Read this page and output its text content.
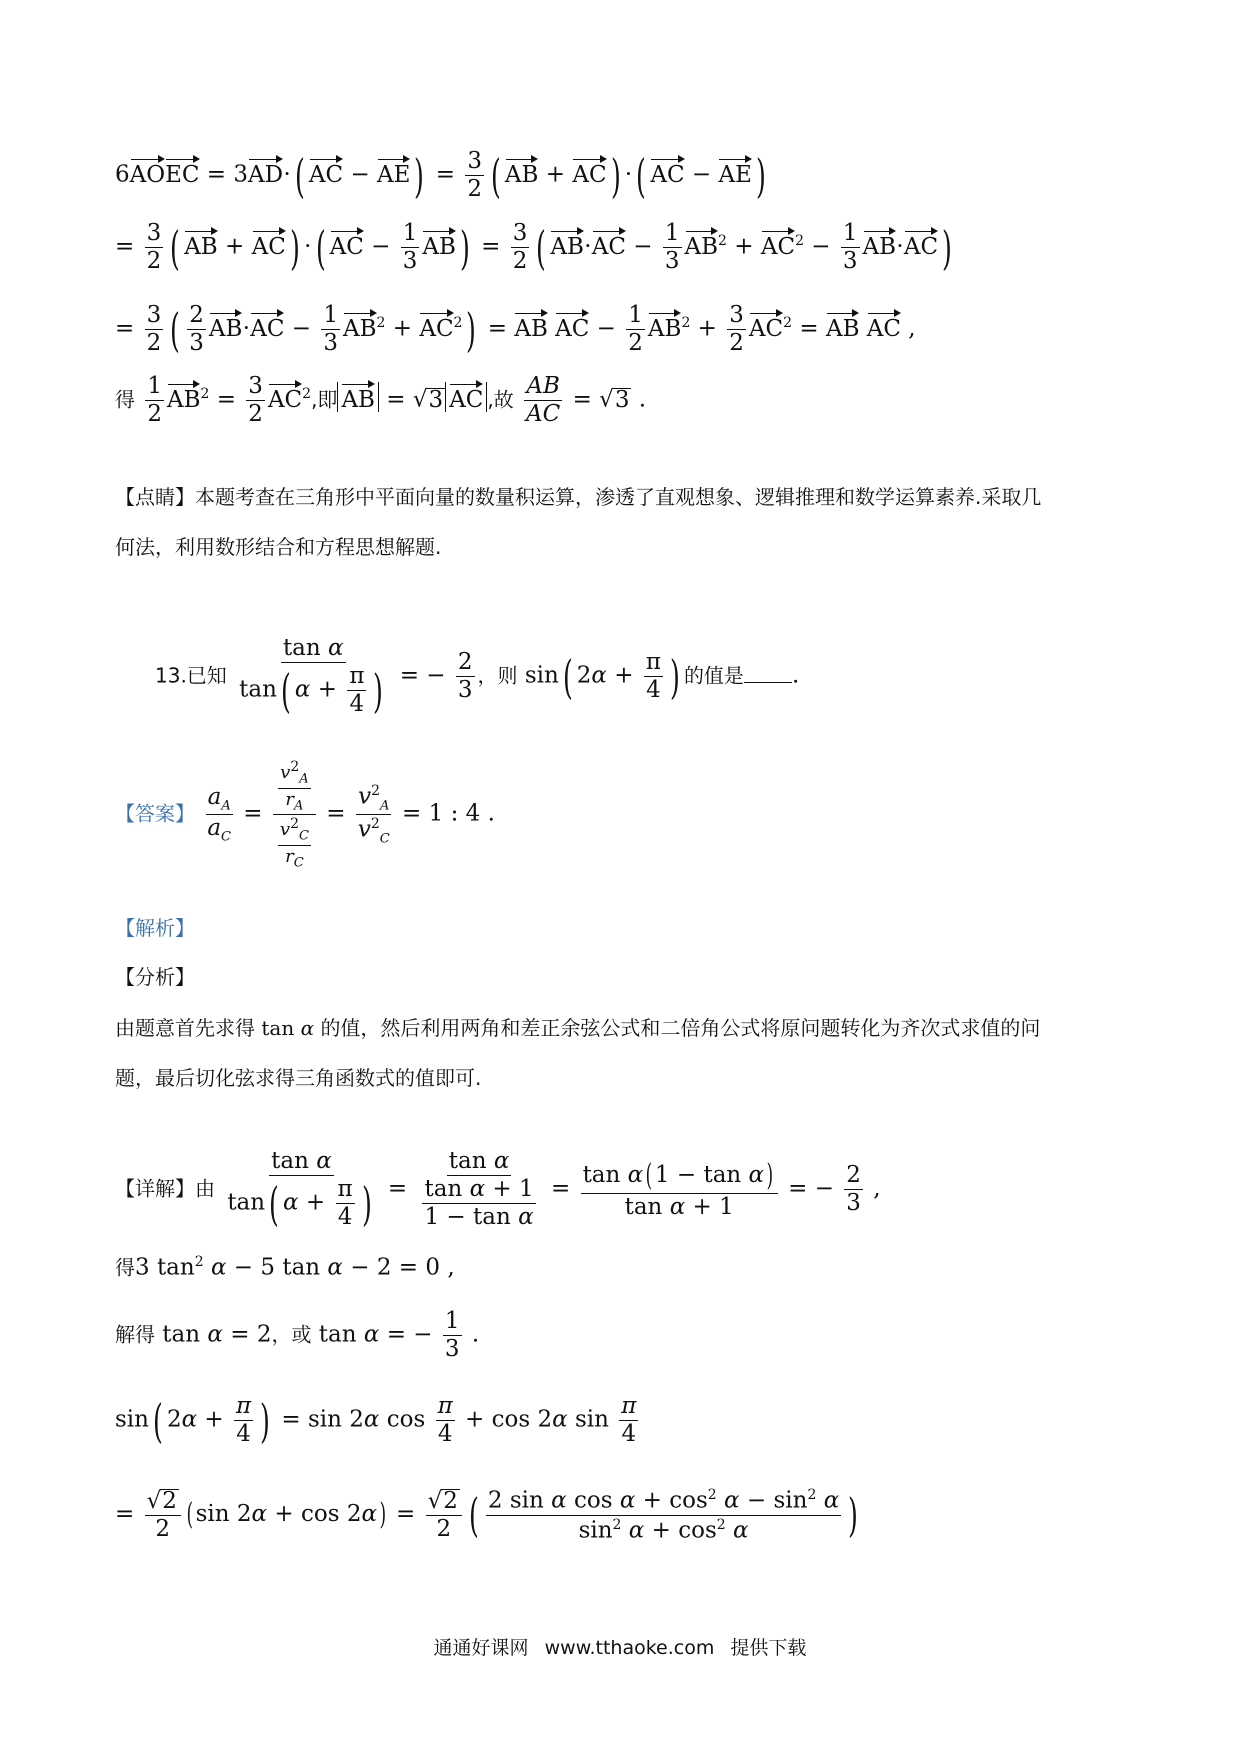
6AOEC = 3AD⋅( AC − $AE) = \frac{3}{2}$ ( AB + AC) ⋅( AC − AE)
= $\frac{3}{2}$ ( AB + AC) ⋅( AC − $\frac{1}{3} AB) = \frac{3}{2}$ ( $AB\cdot AC - \frac{1}{3} AB^2 + AC^2 - \frac{1}{3} AB\cdot AC$)
= $\frac{3}{2}$ ( $\frac{2}{3} AB\cdot AC - \frac{1}{3} AB^2 + AC^2$) = AB AC − $\frac{1}{2} AB^2 + \frac{3}{2} AC^2$ = AB AC ,
得 $\frac{1}{2} AB^2 = \frac{3}{2} AC^2$,即 AB = √3 AC ,故 $\frac{AB}{AC} = √3$ .
【点睛】本题考查在三角形中平面向量的数量积运算，渗透了直观想象、逻辑推理和数学运算素养.采取几
何法，利用数形结合和方程思想解题.
13.已知 $\frac{\text{tan α}}{\tan( \alpha + \frac{\pi}{4} )}$ = − $\frac{2}{3}$ ，则 sin( $2\alpha + \frac{\pi}{4}$ ) 的值是 .
【答案】 $\frac{a_A}{a_C} = \frac{\frac{v^2_A}{r_A}}{\frac{v^2_C}{r_C}} = \frac{v^2_A}{v^2_C} = 1$ : 4 .
【解析】
【分析】
由题意首先求得 tan α 的值，然后利用两角和差正余弦公式和二倍角公式将原问题转化为齐次式求值的问
题，最后切化弦求得三角函数式的值即可.
【详解】由 $\frac{\text{tan α}}{\tan( \alpha + \frac{\pi}{4} )} = \frac{\text{tan α}}{\frac{\text{tan α + 1}}{\text{1 − tan α}}} = \frac{\text{tan α( 1 − tan α)}}{\text{tan α + 1}}$ = − $\frac{2}{3}$ ,
得3 $\tan^2 \alpha - 5$ tan α − 2 = 0 ,
解得 tan α = 2，或 tan α = − $\frac{1}{3}$ .
sin( $2\alpha + \frac{\pi}{4}$ ) = sin 2α $\cos \frac{\pi}{4} + \cos 2\alpha$ $\sin \frac{\pi}{4}$
= $\frac{√2}{2}$ ( $\sin 2\alpha + \cos 2\alpha) = \frac{√2}{2}$ ( $\frac{2 \sin \alpha \cos \alpha + \cos^2 \alpha - \sin^2 \alpha}{\sin^2 \alpha + \cos^2 \alpha}$ )
通通好课网 www.tthaoke.com 提供下载
